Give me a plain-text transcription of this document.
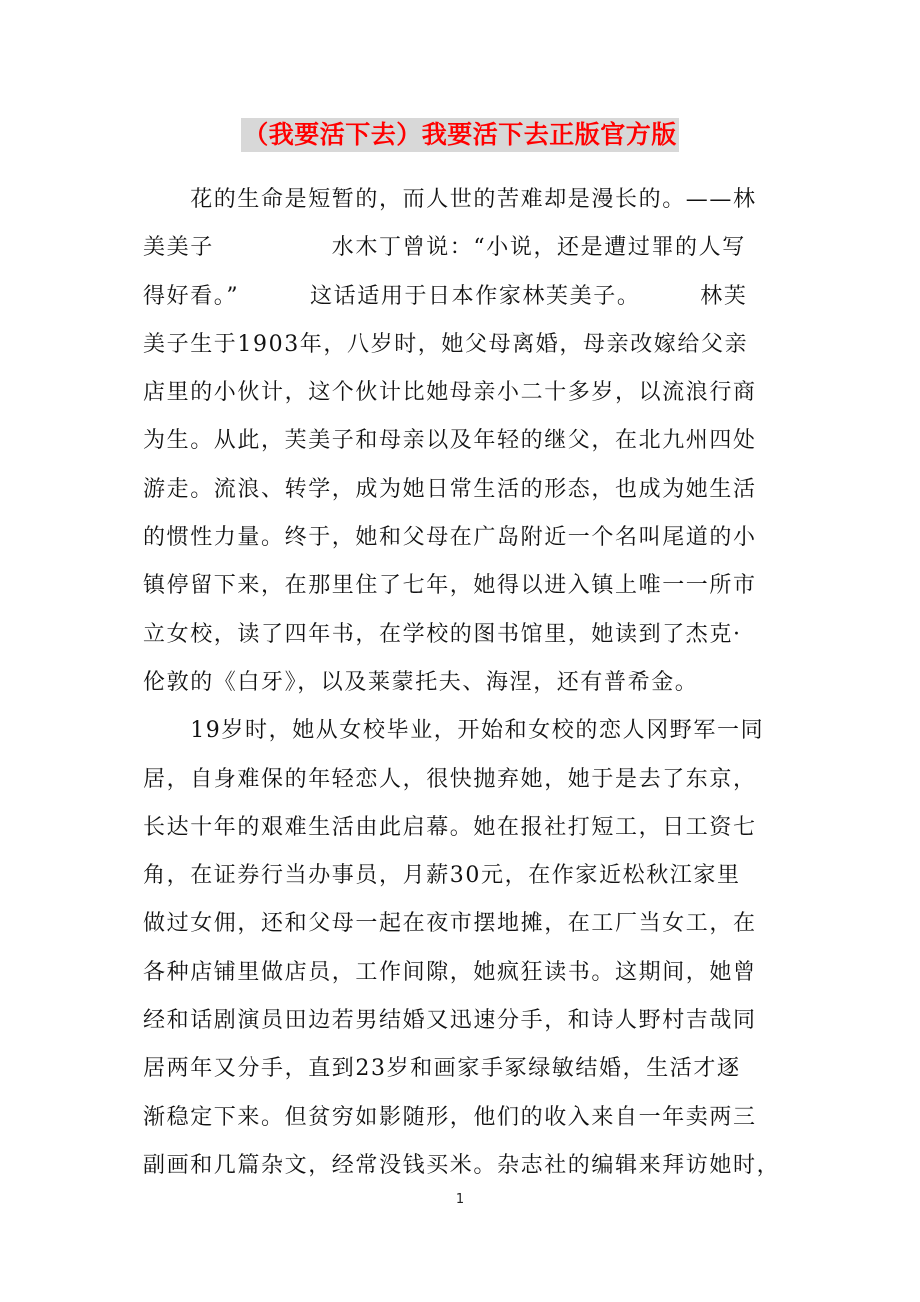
（我要活下去）我要活下去正版官方版
　　花的生命是短暂的，而人世的苦难却是漫长的。——林
美美子　　　　　水木丁曾说：“小说，还是遭过罪的人写
得好看。”　　　这话适用于日本作家林芙美子。　　　林芙
美子生于1903年，八岁时，她父母离婚，母亲改嫁给父亲
店里的小伙计，这个伙计比她母亲小二十多岁，以流浪行商
为生。从此，芙美子和母亲以及年轻的继父，在北九州四处
游走。流浪、转学，成为她日常生活的形态，也成为她生活
的惯性力量。终于，她和父母在广岛附近一个名叫尾道的小
镇停留下来，在那里住了七年，她得以进入镇上唯一一所市
立女校，读了四年书，在学校的图书馆里，她读到了杰克·
伦敦的《白牙》，以及莱蒙托夫、海涅，还有普希金。
　　19岁时，她从女校毕业，开始和女校的恋人冈野军一同
居，自身难保的年轻恋人，很快抛弃她，她于是去了东京，
长达十年的艰难生活由此启幕。她在报社打短工，日工资七
角，在证券行当办事员，月薪30元，在作家近松秋江家里
做过女佣，还和父母一起在夜市摆地摊，在工厂当女工，在
各种店铺里做店员，工作间隙，她疯狂读书。这期间，她曾
经和话剧演员田边若男结婚又迅速分手，和诗人野村吉哉同
居两年又分手，直到23岁和画家手冢绿敏结婚，生活才逐
渐稳定下来。但贫穷如影随形，他们的收入来自一年卖两三
副画和几篇杂文，经常没钱买米。杂志社的编辑来拜访她时，
1
